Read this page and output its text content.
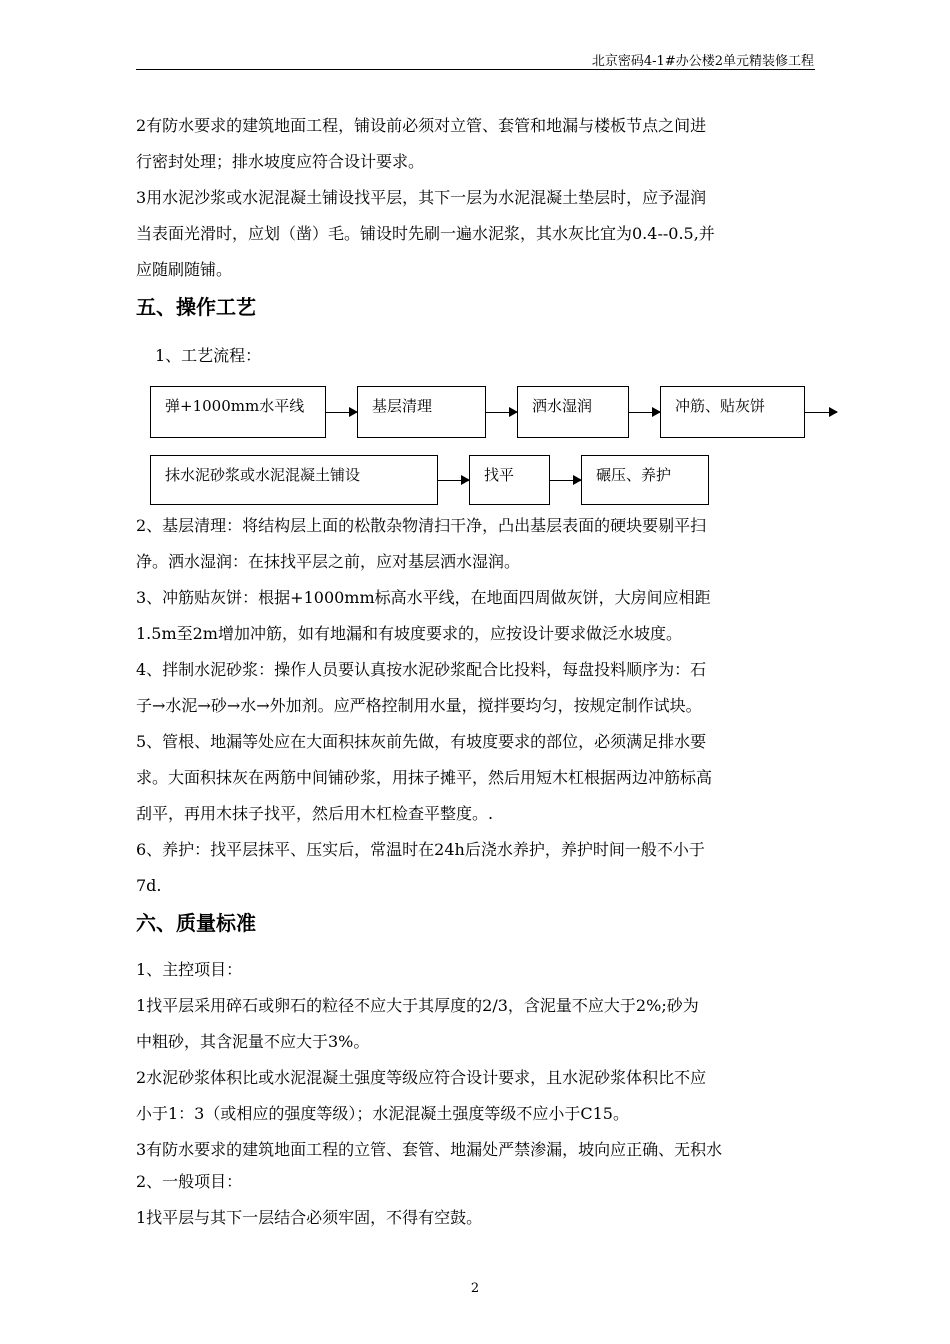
北京密码4-1#办公楼2单元精装修工程

2有防水要求的建筑地面工程，铺设前必须对立管、套管和地漏与楼板节点之间进

行密封处理；排水坡度应符合设计要求。

3用水泥沙浆或水泥混凝土铺设找平层，其下一层为水泥混凝土垫层时，应予湿润

当表面光滑时，应划（凿）毛。铺设时先刷一遍水泥浆，其水灰比宜为0.4--0.5,并

应随刷随铺。

五、操作工艺

1、工艺流程：

弹+1000mm水平线	基层清理	洒水湿润	冲筋、贴灰饼
抹水泥砂浆或水泥混凝土铺设	找平	碾压、养护

2、基层清理：将结构层上面的松散杂物清扫干净，凸出基层表面的硬块要剔平扫

净。洒水湿润：在抹找平层之前，应对基层洒水湿润。

3、冲筋贴灰饼：根据+1000mm标高水平线，在地面四周做灰饼，大房间应相距

1.5m至2m增加冲筋，如有地漏和有坡度要求的，应按设计要求做泛水坡度。

4、拌制水泥砂浆：操作人员要认真按水泥砂浆配合比投料，每盘投料顺序为：石

子→水泥→砂→水→外加剂。应严格控制用水量，搅拌要均匀，按规定制作试块。

5、管根、地漏等处应在大面积抹灰前先做，有坡度要求的部位，必须满足排水要

求。大面积抹灰在两筋中间铺砂浆，用抹子摊平，然后用短木杠根据两边冲筋标高

刮平，再用木抹子找平，然后用木杠检查平整度。.

6、养护：找平层抹平、压实后，常温时在24h后浇水养护，养护时间一般不小于

7d.

六、质量标准

1、主控项目：

1找平层采用碎石或卵石的粒径不应大于其厚度的2/3，含泥量不应大于2%;砂为

中粗砂，其含泥量不应大于3%。

2水泥砂浆体积比或水泥混凝土强度等级应符合设计要求，且水泥砂浆体积比不应

小于1：3（或相应的强度等级）；水泥混凝土强度等级不应小于C15。

3有防水要求的建筑地面工程的立管、套管、地漏处严禁渗漏，坡向应正确、无积水

2、一般项目：

1找平层与其下一层结合必须牢固，不得有空鼓。

2
